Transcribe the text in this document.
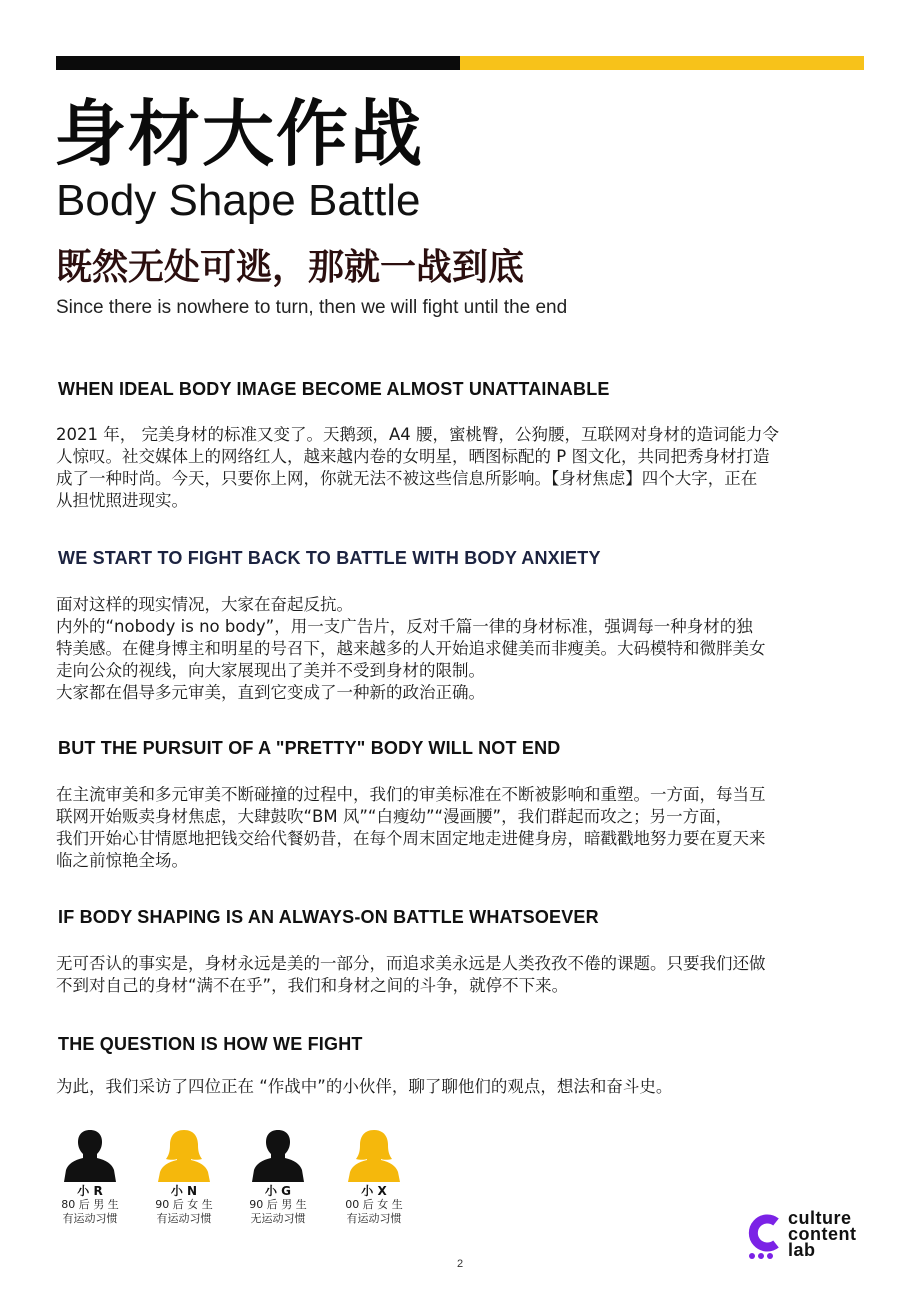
身材大作战
Body Shape Battle
既然无处可逃，那就一战到底
Since there is nowhere to turn, then we will fight until the end
WHEN IDEAL BODY IMAGE BECOME ALMOST UNATTAINABLE

2021 年， 完美身材的标准又变了。天鹅颈，A4 腰，蜜桃臀，公狗腰，互联网对身材的造词能力令
人惊叹。社交媒体上的网络红人，越来越内卷的女明星，晒图标配的 P 图文化，共同把秀身材打造
成了一种时尚。今天，只要你上网，你就无法不被这些信息所影响。【身材焦虑】四个大字，正在
从担忧照进现实。

WE START TO FIGHT BACK TO BATTLE WITH BODY ANXIETY

面对这样的现实情况，大家在奋起反抗。
内外的“nobody is no body”，用一支广告片，反对千篇一律的身材标准，强调每一种身材的独
特美感。在健身博主和明星的号召下，越来越多的人开始追求健美而非瘦美。大码模特和微胖美女
走向公众的视线，向大家展现出了美并不受到身材的限制。
大家都在倡导多元审美，直到它变成了一种新的政治正确。

BUT THE PURSUIT OF A "PRETTY" BODY WILL NOT END

在主流审美和多元审美不断碰撞的过程中，我们的审美标准在不断被影响和重塑。一方面，每当互
联网开始贩卖身材焦虑，大肆鼓吹“BM 风”“白瘦幼”“漫画腰”，我们群起而攻之；另一方面，
我们开始心甘情愿地把钱交给代餐奶昔，在每个周末固定地走进健身房，暗戳戳地努力要在夏天来
临之前惊艳全场。

IF BODY SHAPING IS AN ALWAYS-ON BATTLE WHATSOEVER

无可否认的事实是，身材永远是美的一部分，而追求美永远是人类孜孜不倦的课题。只要我们还做
不到对自己的身材“满不在乎”，我们和身材之间的斗争，就停不下来。

THE QUESTION IS HOW WE FIGHT

为此，我们采访了四位正在 “作战中”的小伙伴，聊了聊他们的观点，想法和奋斗史。

小 R
80 后 男 生
有运动习惯
小 N
90 后 女 生
有运动习惯
小 G
90 后 男 生
无运动习惯
小 X
00 后 女 生
有运动习惯
2
culture
content
lab
